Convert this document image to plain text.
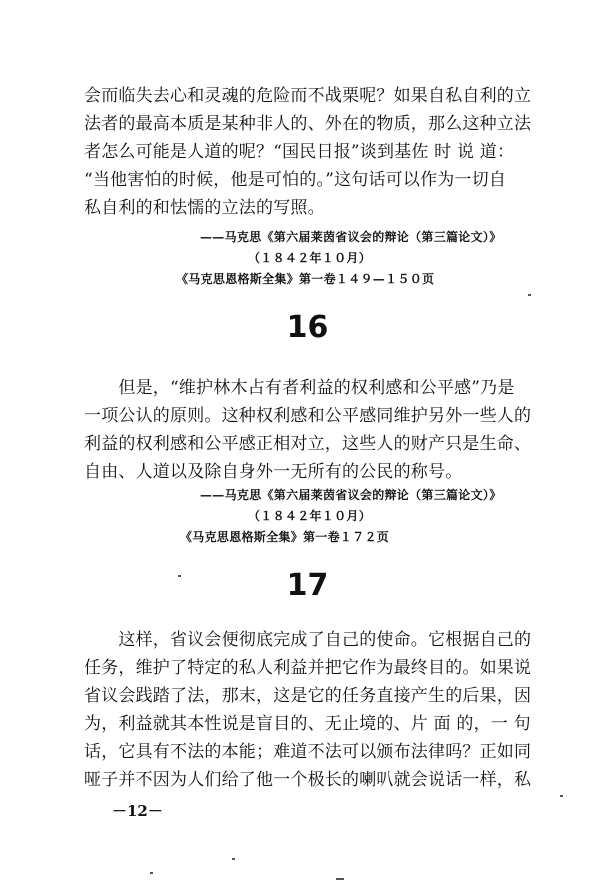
会而临失去心和灵魂的危险而不战栗呢？如果自私自利的立
法者的最高本质是某种非人的、外在的物质，那么这种立法
者怎么可能是人道的呢？“国民日报”谈到基佐 时 说 道：
“当他害怕的时候，他是可怕的。”这句话可以作为一切自
私自利的和怯懦的立法的写照。
——马克思《第六届莱茵省议会的辩论（第三篇论文）》
（１８４２年１０月）
《马克思恩格斯全集》第一卷１４９—１５０页
16
　　但是，“维护林木占有者利益的权利感和公平感”乃是
一项公认的原则。这种权利感和公平感同维护另外一些人的
利益的权利感和公平感正相对立，这些人的财产只是生命、
自由、人道以及除自身外一无所有的公民的称号。
——马克思《第六届莱茵省议会的辩论（第三篇论文）》
（１８４２年１０月）
《马克思恩格斯全集》第一卷１７２页
17
　　这样，省议会便彻底完成了自己的使命。它根据自己的
任务，维护了特定的私人利益并把它作为最终目的。如果说
省议会践踏了法，那末，这是它的任务直接产生的后果，因
为，利益就其本性说是盲目的、无止境的、片 面 的，一 句
话，它具有不法的本能；难道不法可以颁布法律吗？正如同
哑子并不因为人们给了他一个极长的喇叭就会说话一样，私
－12－
